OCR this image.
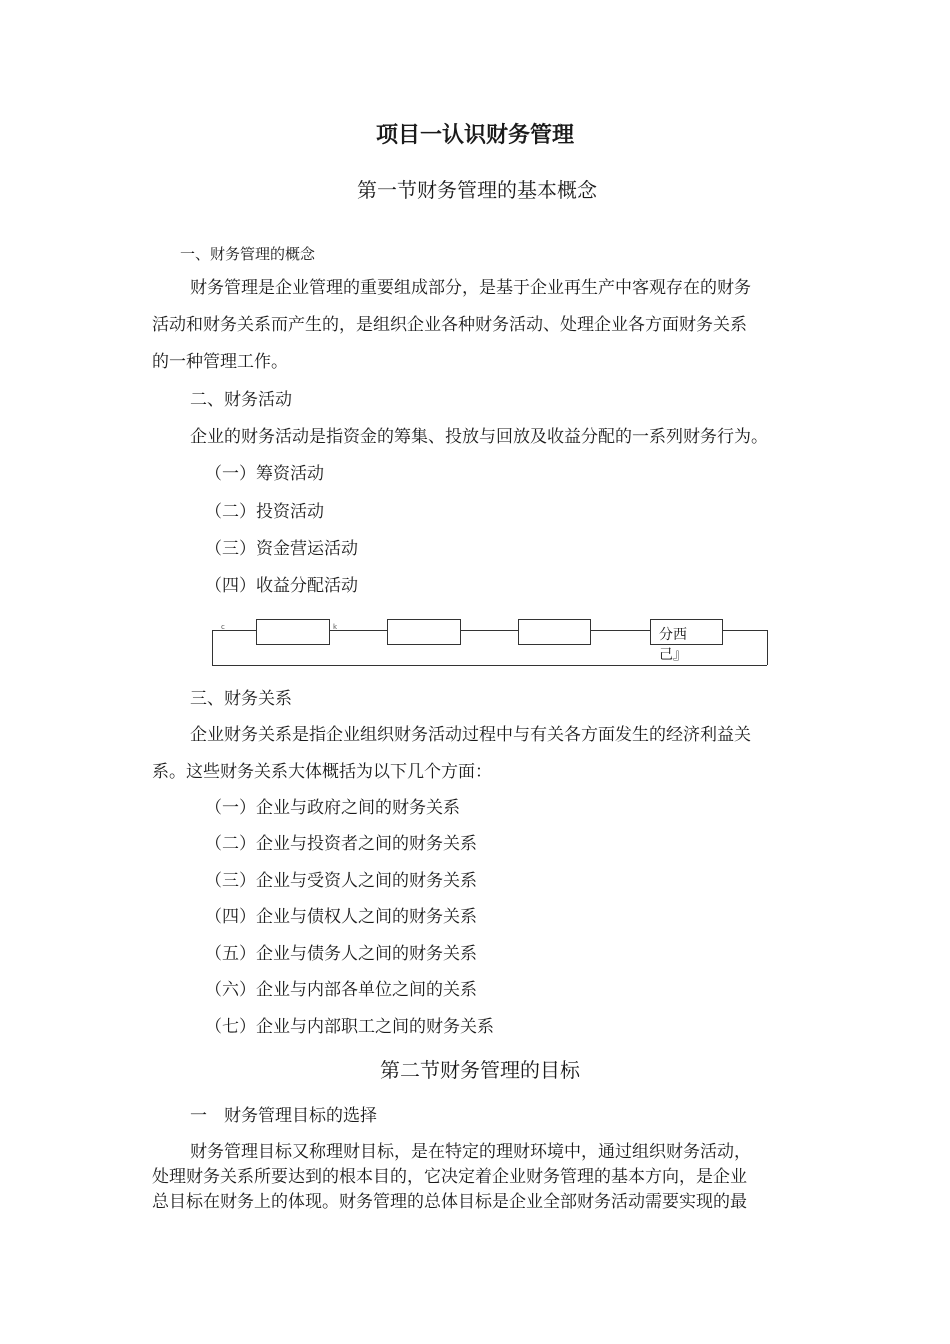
项目一认识财务管理
第一节财务管理的基本概念

一、财务管理的概念

财务管理是企业管理的重要组成部分，是基于企业再生产中客观存在的财务

活动和财务关系而产生的，是组织企业各种财务活动、处理企业各方面财务关系

的一种管理工作。

二、财务活动

企业的财务活动是指资金的筹集、投放与回放及收益分配的一系列财务行为。

（一）筹资活动

（二）投资活动

（三）资金营运活动

（四）收益分配活动

分西己』
c	k

三、财务关系

企业财务关系是指企业组织财务活动过程中与有关各方面发生的经济利益关

系。这些财务关系大体概括为以下几个方面：

（一）企业与政府之间的财务关系

（二）企业与投资者之间的财务关系

（三）企业与受资人之间的财务关系

（四）企业与债权人之间的财务关系

（五）企业与债务人之间的财务关系

（六）企业与内部各单位之间的关系

（七）企业与内部职工之间的财务关系

第二节财务管理的目标

一　财务管理目标的选择

财务管理目标又称理财目标，是在特定的理财环境中，通过组织财务活动，

处理财务关系所要达到的根本目的，它决定着企业财务管理的基本方向，是企业

总目标在财务上的体现。财务管理的总体目标是企业全部财务活动需要实现的最
